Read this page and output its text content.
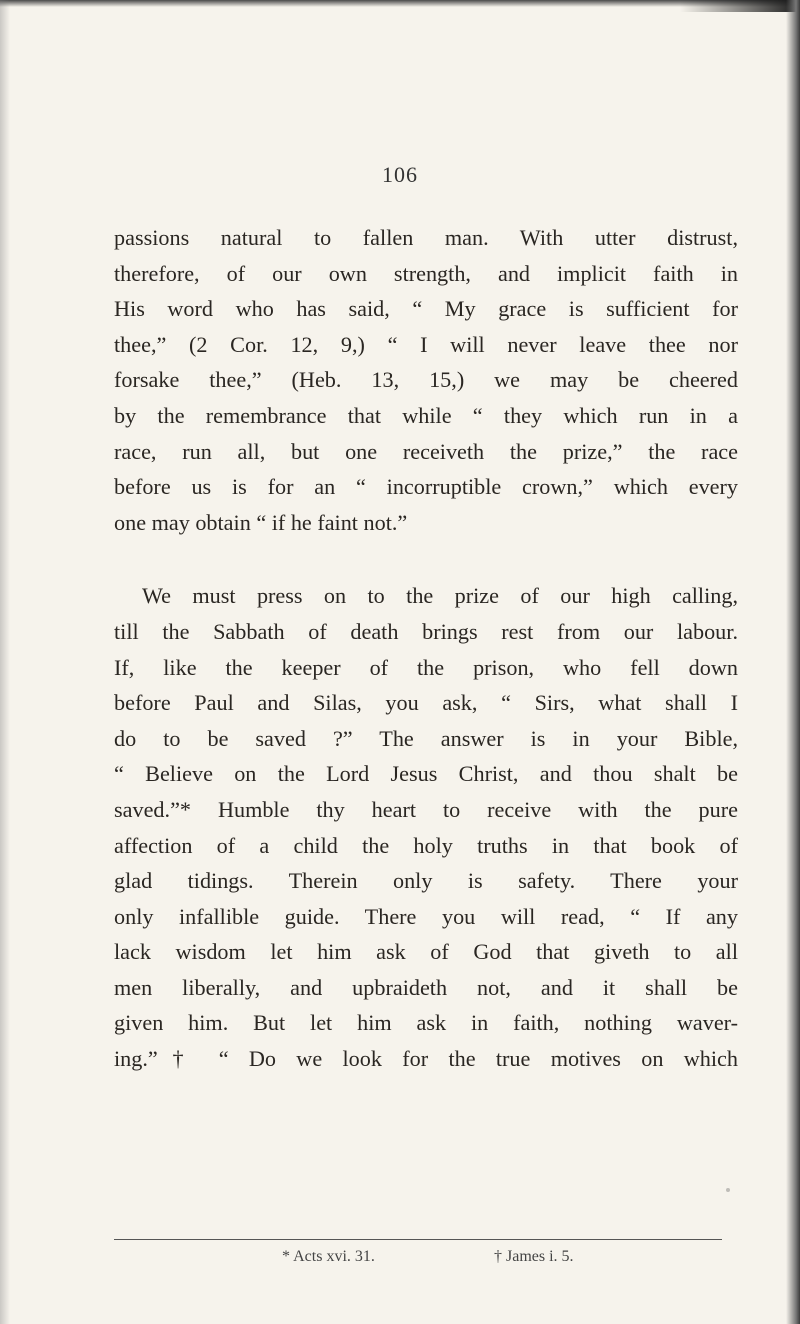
106
passions natural to fallen man. With utter distrust,
therefore, of our own strength, and implicit faith in
His word who has said, “ My grace is sufficient for
thee,” (2 Cor. 12, 9,) “ I will never leave thee nor
forsake thee,” (Heb. 13, 15,) we may be cheered
by the remembrance that while “ they which run in a
race, run all, but one receiveth the prize,” the race
before us is for an “ incorruptible crown,” which every
one may obtain “ if he faint not.”
We must press on to the prize of our high calling,
till the Sabbath of death brings rest from our labour.
If, like the keeper of the prison, who fell down
before Paul and Silas, you ask, “ Sirs, what shall I
do to be saved ?” The answer is in your Bible,
“ Believe on the Lord Jesus Christ, and thou shalt be
saved.”* Humble thy heart to receive with the pure
affection of a child the holy truths in that book of
glad tidings. Therein only is safety. There your
only infallible guide. There you will read, “ If any
lack wisdom let him ask of God that giveth to all
men liberally, and upbraideth not, and it shall be
given him. But let him ask in faith, nothing waver-
ing.”† “ Do we look for the true motives on which
* Acts xvi. 31.	† James i. 5.
